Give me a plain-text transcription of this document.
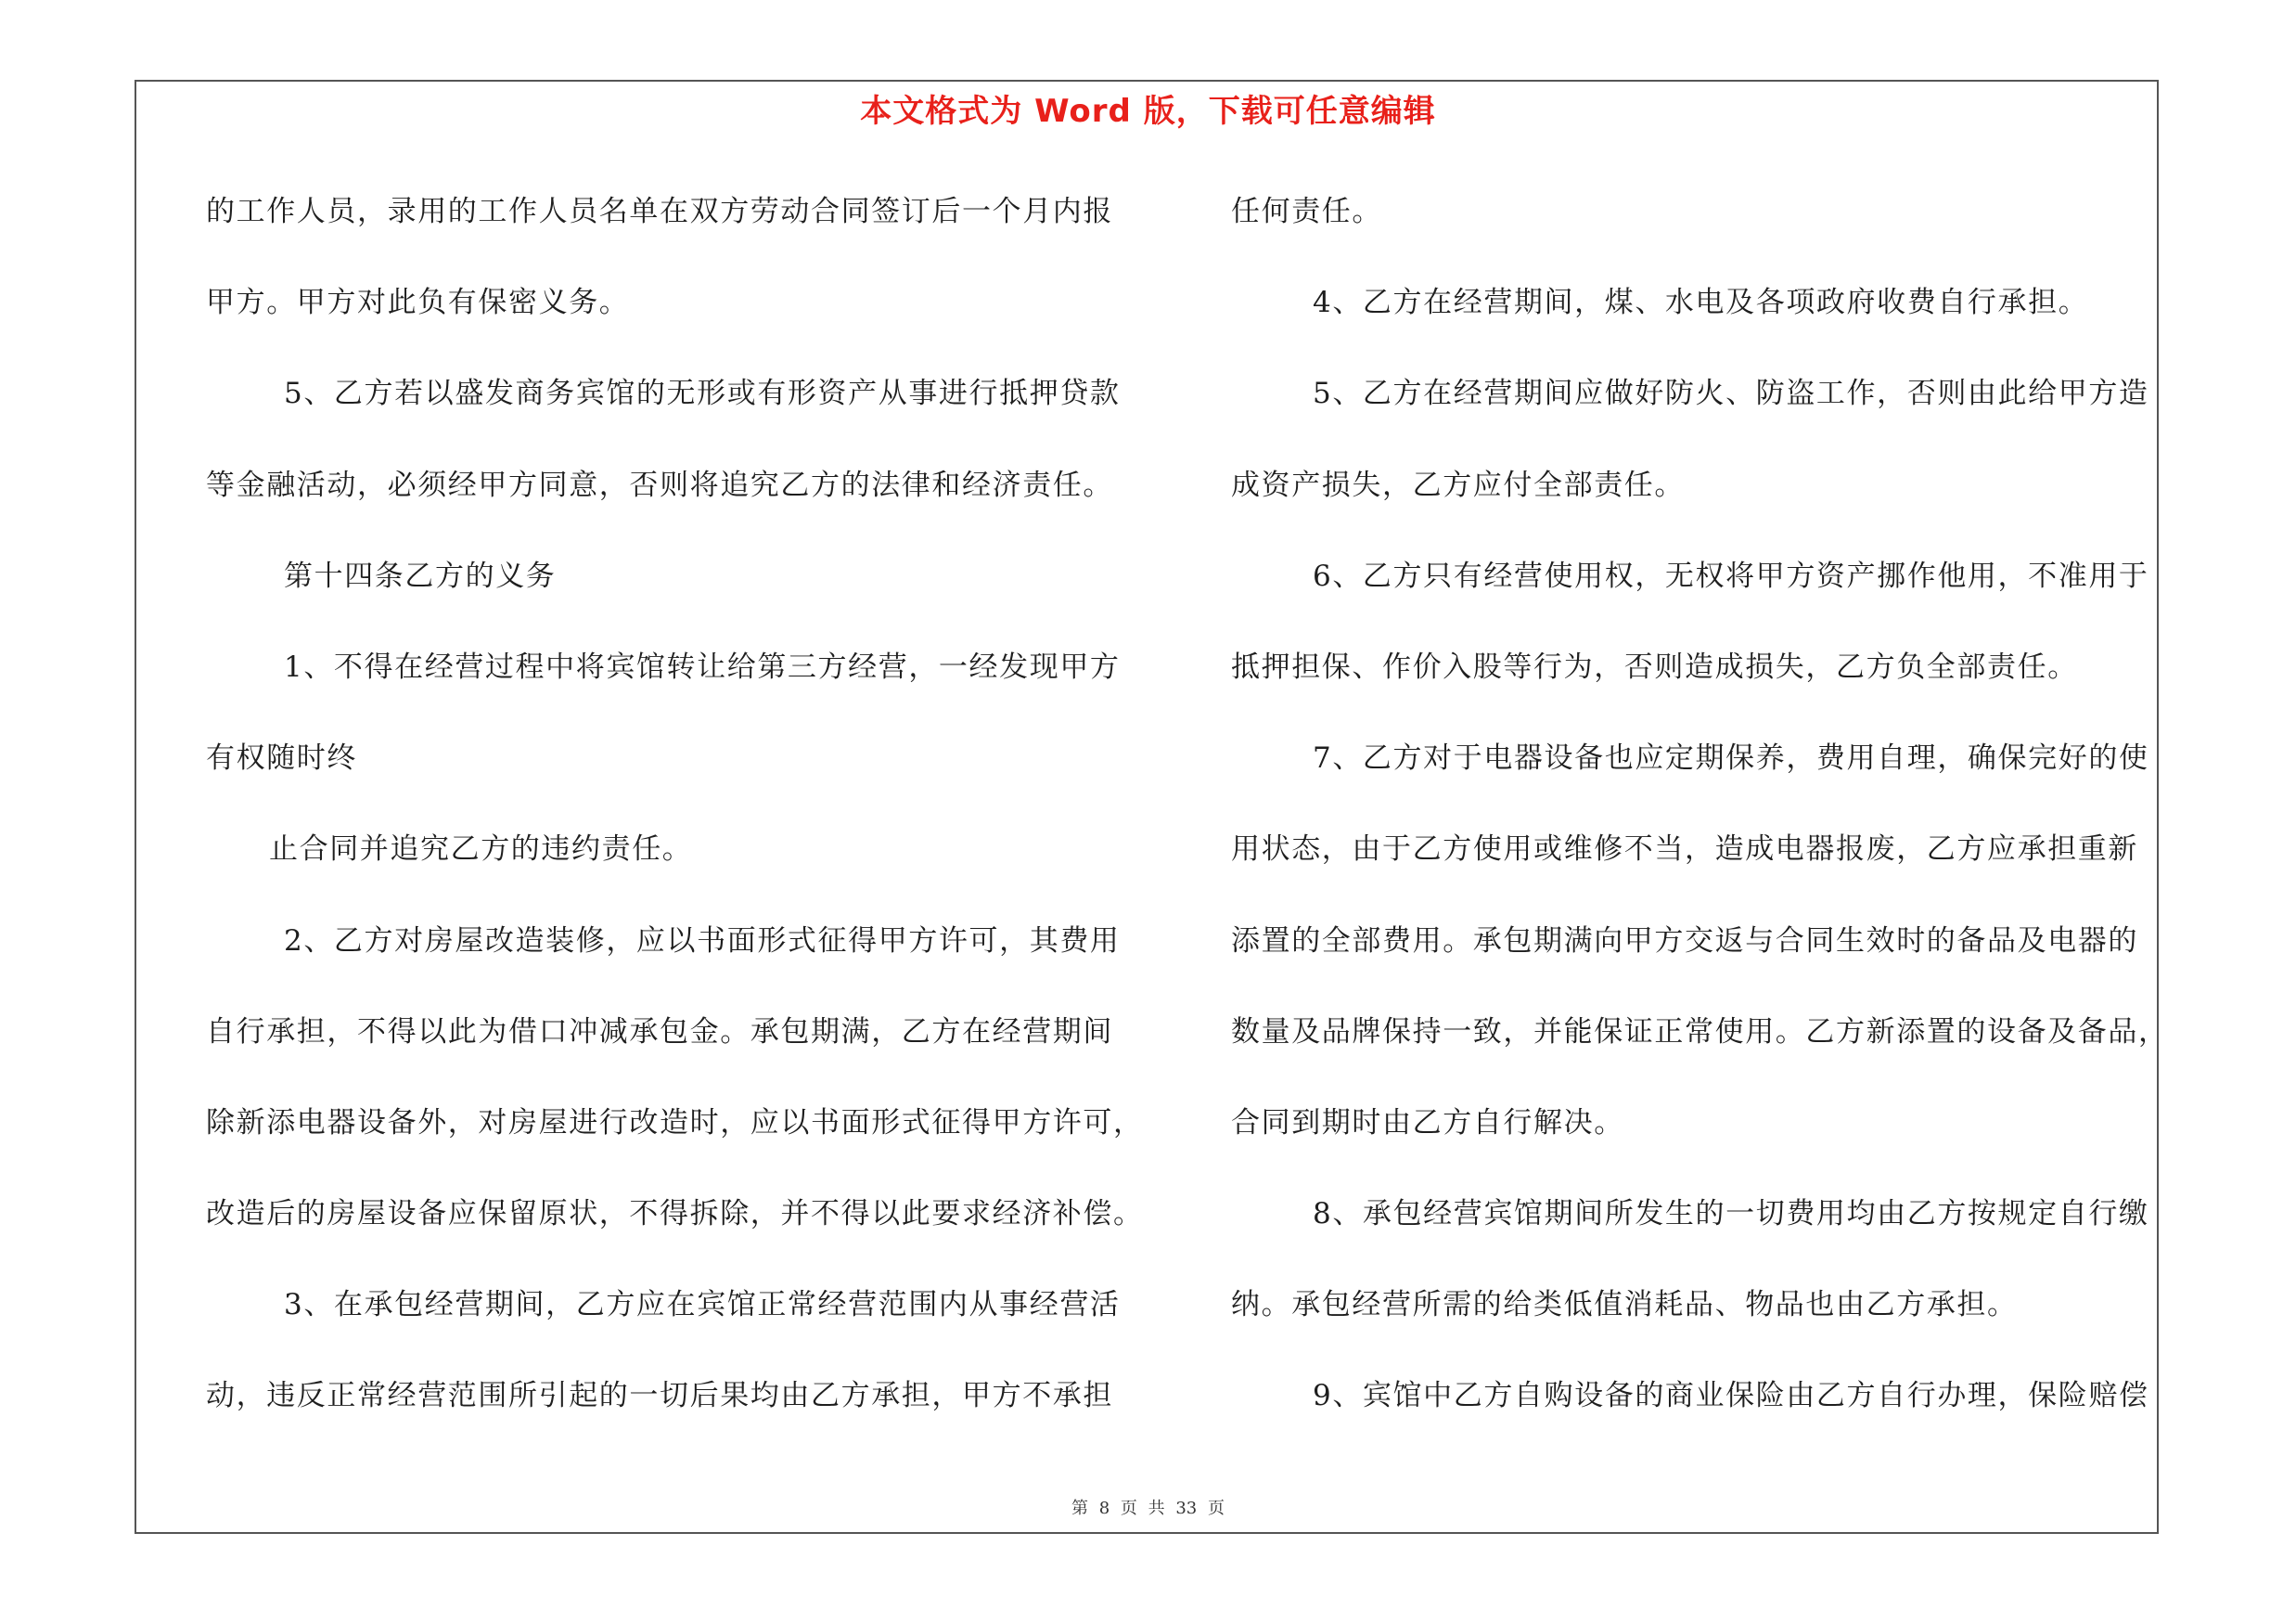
本文格式为 Word 版，下载可任意编辑
的工作人员，录用的工作人员名单在双方劳动合同签订后一个月内报
甲方。甲方对此负有保密义务。
5、乙方若以盛发商务宾馆的无形或有形资产从事进行抵押贷款
等金融活动，必须经甲方同意，否则将追究乙方的法律和经济责任。
第十四条乙方的义务
1、不得在经营过程中将宾馆转让给第三方经营，一经发现甲方
有权随时终
止合同并追究乙方的违约责任。
2、乙方对房屋改造装修，应以书面形式征得甲方许可，其费用
自行承担，不得以此为借口冲减承包金。承包期满，乙方在经营期间
除新添电器设备外，对房屋进行改造时，应以书面形式征得甲方许可，
改造后的房屋设备应保留原状，不得拆除，并不得以此要求经济补偿。
3、在承包经营期间，乙方应在宾馆正常经营范围内从事经营活
动，违反正常经营范围所引起的一切后果均由乙方承担，甲方不承担
任何责任。
4、乙方在经营期间，煤、水电及各项政府收费自行承担。
5、乙方在经营期间应做好防火、防盗工作，否则由此给甲方造
成资产损失，乙方应付全部责任。
6、乙方只有经营使用权，无权将甲方资产挪作他用，不准用于
抵押担保、作价入股等行为，否则造成损失，乙方负全部责任。
7、乙方对于电器设备也应定期保养，费用自理，确保完好的使
用状态，由于乙方使用或维修不当，造成电器报废，乙方应承担重新
添置的全部费用。承包期满向甲方交返与合同生效时的备品及电器的
数量及品牌保持一致，并能保证正常使用。乙方新添置的设备及备品，
合同到期时由乙方自行解决。
8、承包经营宾馆期间所发生的一切费用均由乙方按规定自行缴
纳。承包经营所需的给类低值消耗品、物品也由乙方承担。
9、宾馆中乙方自购设备的商业保险由乙方自行办理，保险赔偿
第 8 页 共 33 页
